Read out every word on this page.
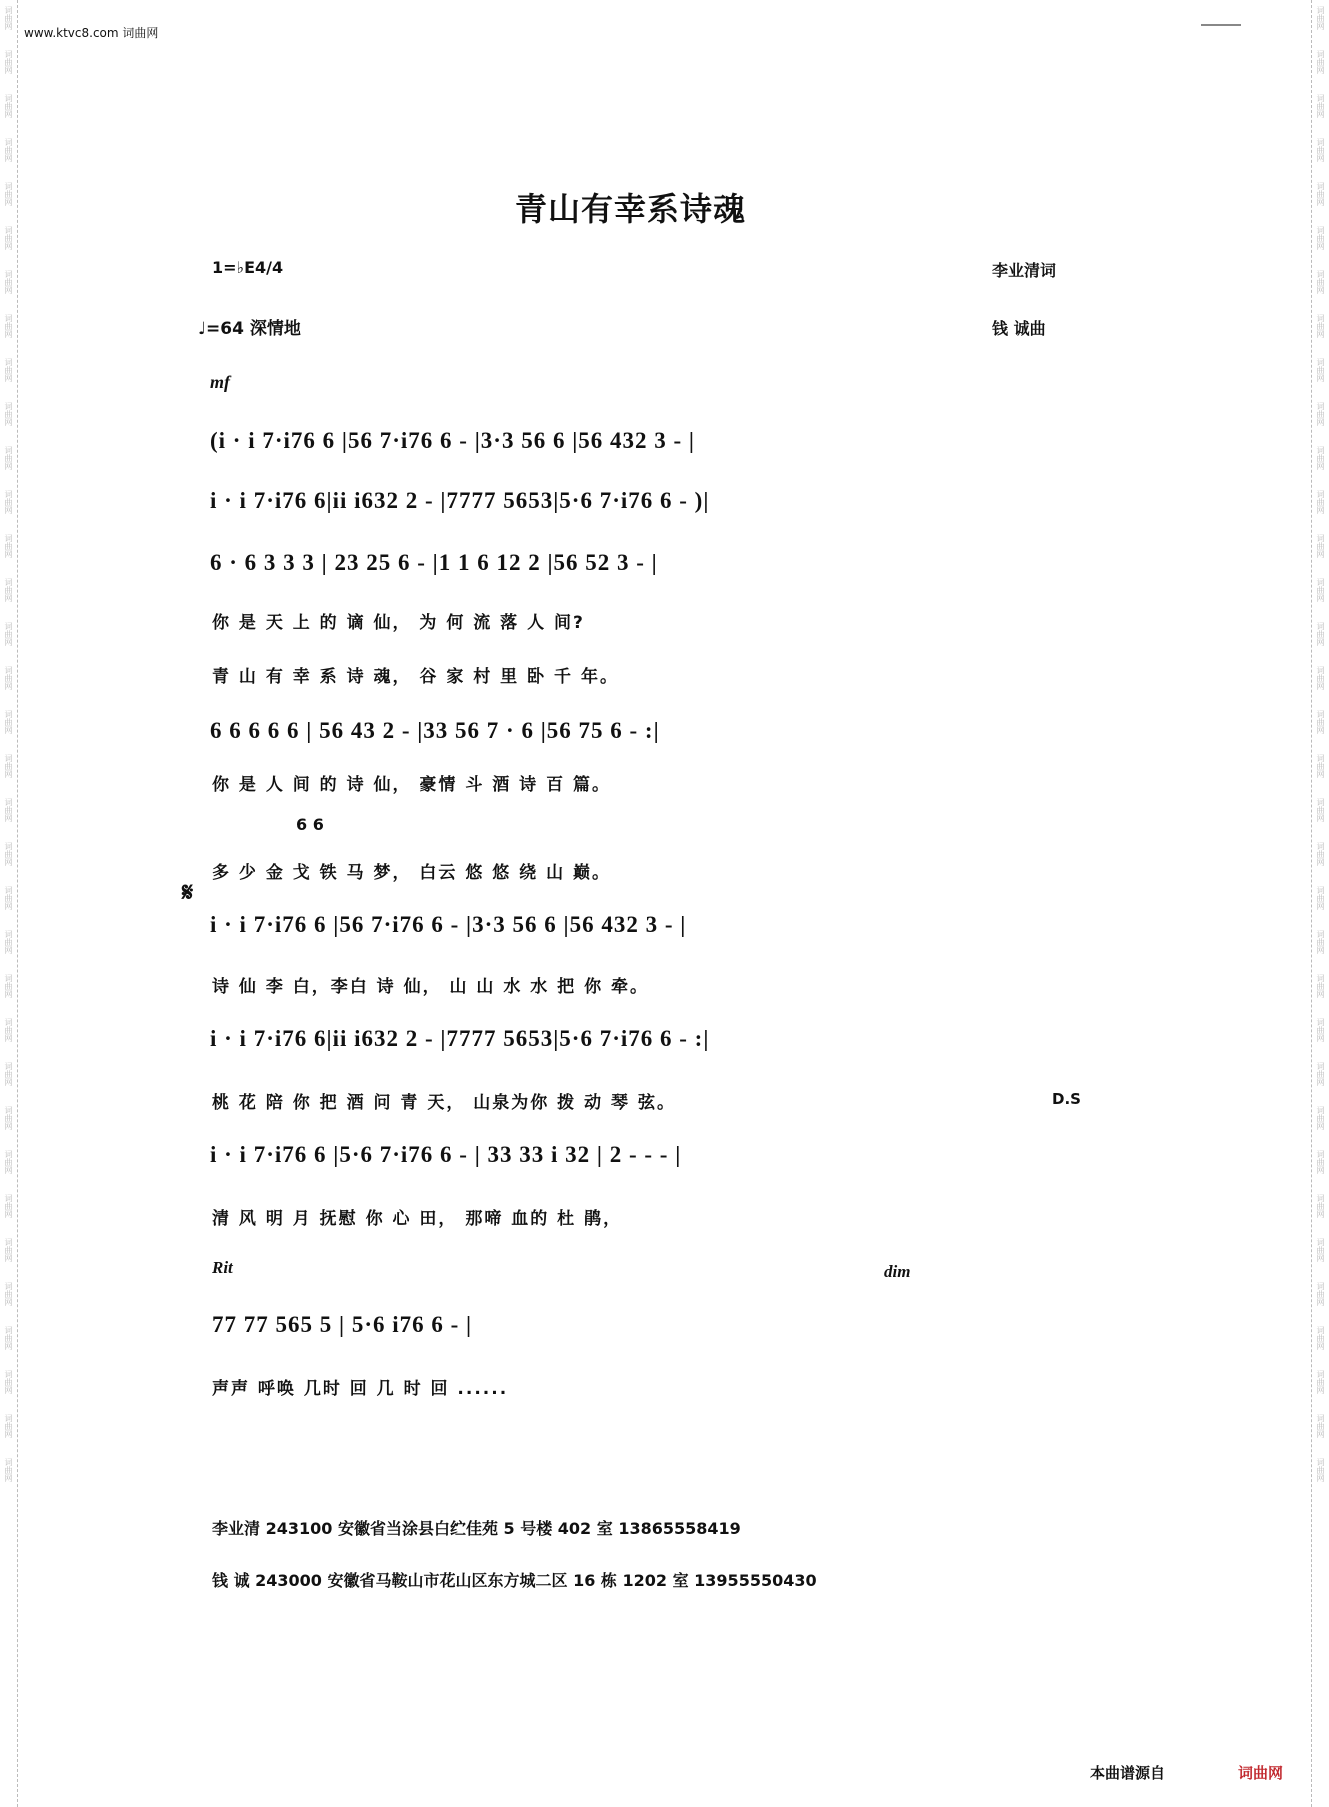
词曲网
词曲网
词曲网
词曲网
词曲网
词曲网
词曲网
词曲网
词曲网
词曲网
词曲网
词曲网
词曲网
词曲网
词曲网
词曲网
词曲网
词曲网
词曲网
词曲网
词曲网
词曲网
词曲网
词曲网
词曲网
词曲网
词曲网
词曲网
词曲网
词曲网
词曲网
词曲网
词曲网
词曲网
词曲网
词曲网
词曲网
词曲网
词曲网
词曲网
词曲网
词曲网
词曲网
词曲网
词曲网
词曲网
词曲网
词曲网
词曲网
词曲网
词曲网
词曲网
词曲网
词曲网
词曲网
词曲网
词曲网
词曲网
词曲网
词曲网
词曲网
词曲网
词曲网
词曲网
词曲网
词曲网
词曲网
词曲网
www.ktvc8.com 词曲网
青山有幸系诗魂
1=♭E4/4	李业清词
♩=64 深情地	钱 诚曲
mf
(i · i 7·i76 6 |56 7·i76 6 - |3·3 56 6 |56 432 3 - |
i · i 7·i76 6|ii i632 2 - |7777 5653|5·6 7·i76 6 - )|
6 · 6 3 3 3 | 23 25 6 - |1 1 6 12 2 |56 52 3 - |
你 是 天 上 的 谪 仙， 为 何 流 落 人 间?
青 山 有 幸 系 诗 魂， 谷 家 村 里 卧 千 年。
6 6 6 6 6 | 56 43 2 - |33 56 7 · 6 |56 75 6 - :|
你 是 人 间 的 诗 仙， 豪情 斗 酒 诗 百 篇。
6 6
多 少 金 戈 铁 马 梦， 白云 悠 悠 绕 山 巅。
𝄋
i · i 7·i76 6 |56 7·i76 6 - |3·3 56 6 |56 432 3 - |
诗 仙 李 白，李白 诗 仙， 山 山 水 水 把 你 牵。
i · i 7·i76 6|ii i632 2 - |7777 5653|5·6 7·i76 6 - :|
桃 花 陪 你 把 酒 问 青 天， 山泉为你 拨 动 琴 弦。	D.S
i · i 7·i76 6 |5·6 7·i76 6 - | 33 33 i 32 | 2 - - - |
清 风 明 月 抚慰 你 心 田， 那啼 血的 杜 鹃，
Rit	dim
77 77 565 5 | 5·6 i76 6 - |
声声 呼唤 几时 回 几 时 回 ......
李业清 243100 安徽省当涂县白纻佳苑 5 号楼 402 室 13865558419
钱 诚 243000 安徽省马鞍山市花山区东方城二区 16 栋 1202 室 13955550430
本曲谱源自	词曲网
